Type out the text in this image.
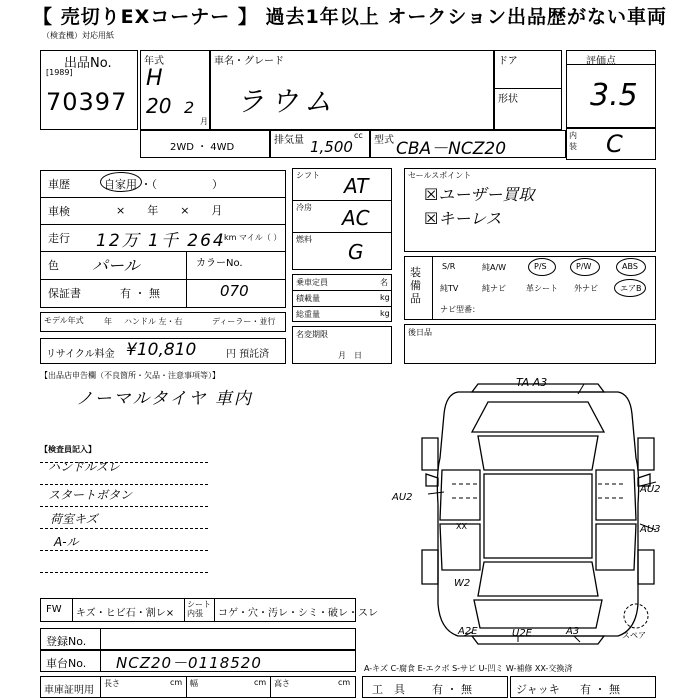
【 売切りEXコーナー 】 過去1年以上 オークション出品歴がない車両
（検査機）対応用紙
出品No.
[1989]
70397
年式
H
20 2
月
車名・グレード
ラウム
ドア
形状
評価点
3.5
内装 C
2WD ・ 4WD
排気量 1,500
cc 型式 CBA－NCZ20
車歴	自家用 ・（　　　　　）
車検	×　　年　　×　　月
走行 12万 1千 264
km マイル（ ）
色 パール	カラーNo.
070
保証書	有 ・ 無
モデル年式	年 ハンドル 左・右	ディーラー・並行
リサイクル料金 ¥10,810	円 預託済
シフト AT
冷房 AC
燃料
G
乗車定員	名
積載量	kg
総重量	kg
名変期限
月　日
セールスポイント
☒ユーザー買取
☒キーレス
装備品
S/R	純A/W	P/S	P/W	ABS
純TV	純ナビ	革シート 外ナビ	エアB
ナビ型番：
後日品
【出品店申告欄（不良箇所・欠品・注意事項等）】
ノーマルタイヤ 車内
【検査員記入】
ハンドルスレ
スタートボタン
荷室キズ
A-ル
TA A3
AU2
AU2
AU3
XX
W2
A2E	U2E	A3	スペア
FW キズ・ヒビ石・割レ×
シート内張	コゲ・穴・汚レ・シミ・破レ・スレ
登録No.
車台No. NCZ20－0118520	A-キズ C-腐食 E-エクボ S-サビ U-凹ミ W-補修 XX-交換済
車庫証明用
長さ	cm 幅	cm 高さ	cm
工　具 有 ・ 無	ジャッキ 有 ・ 無
